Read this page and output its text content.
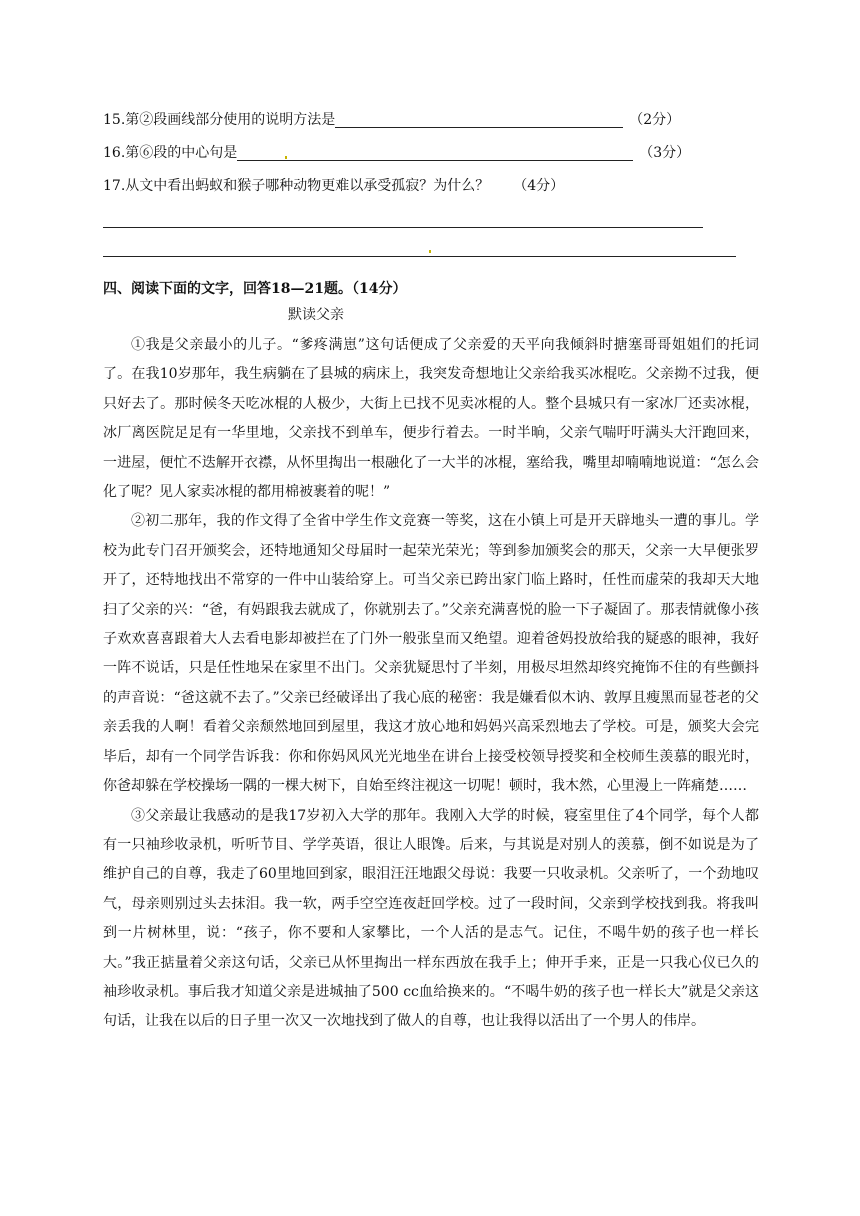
15.第②段画线部分使用的说明方法是	（2分）
16.第⑥段的中心句是	（3分）
17.从文中看出蚂蚁和猴子哪种动物更难以承受孤寂？为什么？ （4分）
四、阅读下面的文字，回答18—21题。（14分）
默读父亲

①我是父亲最小的儿子。“爹疼满崽”这句话便成了父亲爱的天平向我倾斜时搪塞哥哥姐姐们的托词了。在我10岁那年，我生病躺在了县城的病床上，我突发奇想地让父亲给我买冰棍吃。父亲拗不过我，便只好去了。那时候冬天吃冰棍的人极少，大街上已找不见卖冰棍的人。整个县城只有一家冰厂还卖冰棍，冰厂离医院足足有一华里地，父亲找不到单车，便步行着去。一时半晌，父亲气喘吁吁满头大汗跑回来，一进屋，便忙不迭解开衣襟，从怀里掏出一根融化了一大半的冰棍，塞给我，嘴里却喃喃地说道：“怎么会化了呢？见人家卖冰棍的都用棉被裹着的呢！”

②初二那年，我的作文得了全省中学生作文竞赛一等奖，这在小镇上可是开天辟地头一遭的事儿。学校为此专门召开颁奖会，还特地通知父母届时一起荣光荣光；等到参加颁奖会的那天，父亲一大早便张罗开了，还特地找出不常穿的一件中山装给穿上。可当父亲已跨出家门临上路时，任性而虚荣的我却天大地扫了父亲的兴：“爸，有妈跟我去就成了，你就别去了。”父亲充满喜悦的脸一下子凝固了。那表情就像小孩子欢欢喜喜跟着大人去看电影却被拦在了门外一般张皇而又绝望。迎着爸妈投放给我的疑惑的眼神，我好一阵不说话，只是任性地呆在家里不出门。父亲犹疑思忖了半刻，用极尽坦然却终究掩饰不住的有些颤抖的声音说：“爸这就不去了。”父亲已经破译出了我心底的秘密：我是嫌看似木讷、敦厚且瘦黑而显苍老的父亲丢我的人啊！看着父亲颓然地回到屋里，我这才放心地和妈妈兴高采烈地去了学校。可是，颁奖大会完毕后，却有一个同学告诉我：你和你妈风风光光地坐在讲台上接受校领导授奖和全校师生羡慕的眼光时，你爸却躲在学校操场一隅的一棵大树下，自始至终注视这一切呢！顿时，我木然，心里漫上一阵痛楚……

③父亲最让我感动的是我17岁初入大学的那年。我刚入大学的时候，寝室里住了4个同学，每个人都有一只袖珍收录机，听听节目、学学英语，很让人眼馋。后来，与其说是对别人的羡慕，倒不如说是为了维护自己的自尊，我走了60里地回到家，眼泪汪汪地跟父母说：我要一只收录机。父亲听了，一个劲地叹气，母亲则别过头去抹泪。我一软，两手空空连夜赶回学校。过了一段时间，父亲到学校找到我。将我叫到一片树林里，说：“孩子，你不要和人家攀比，一个人活的是志气。记住，不喝牛奶的孩子也一样长大。”我正掂量着父亲这句话，父亲已从怀里掏出一样东西放在我手上；伸开手来，正是一只我心仪已久的袖珍收录机。事后我才知道父亲是进城抽了500 cc血给换来的。“不喝牛奶的孩子也一样长大”就是父亲这句话，让我在以后的日子里一次又一次地找到了做人的自尊，也让我得以活出了一个男人的伟岸。
